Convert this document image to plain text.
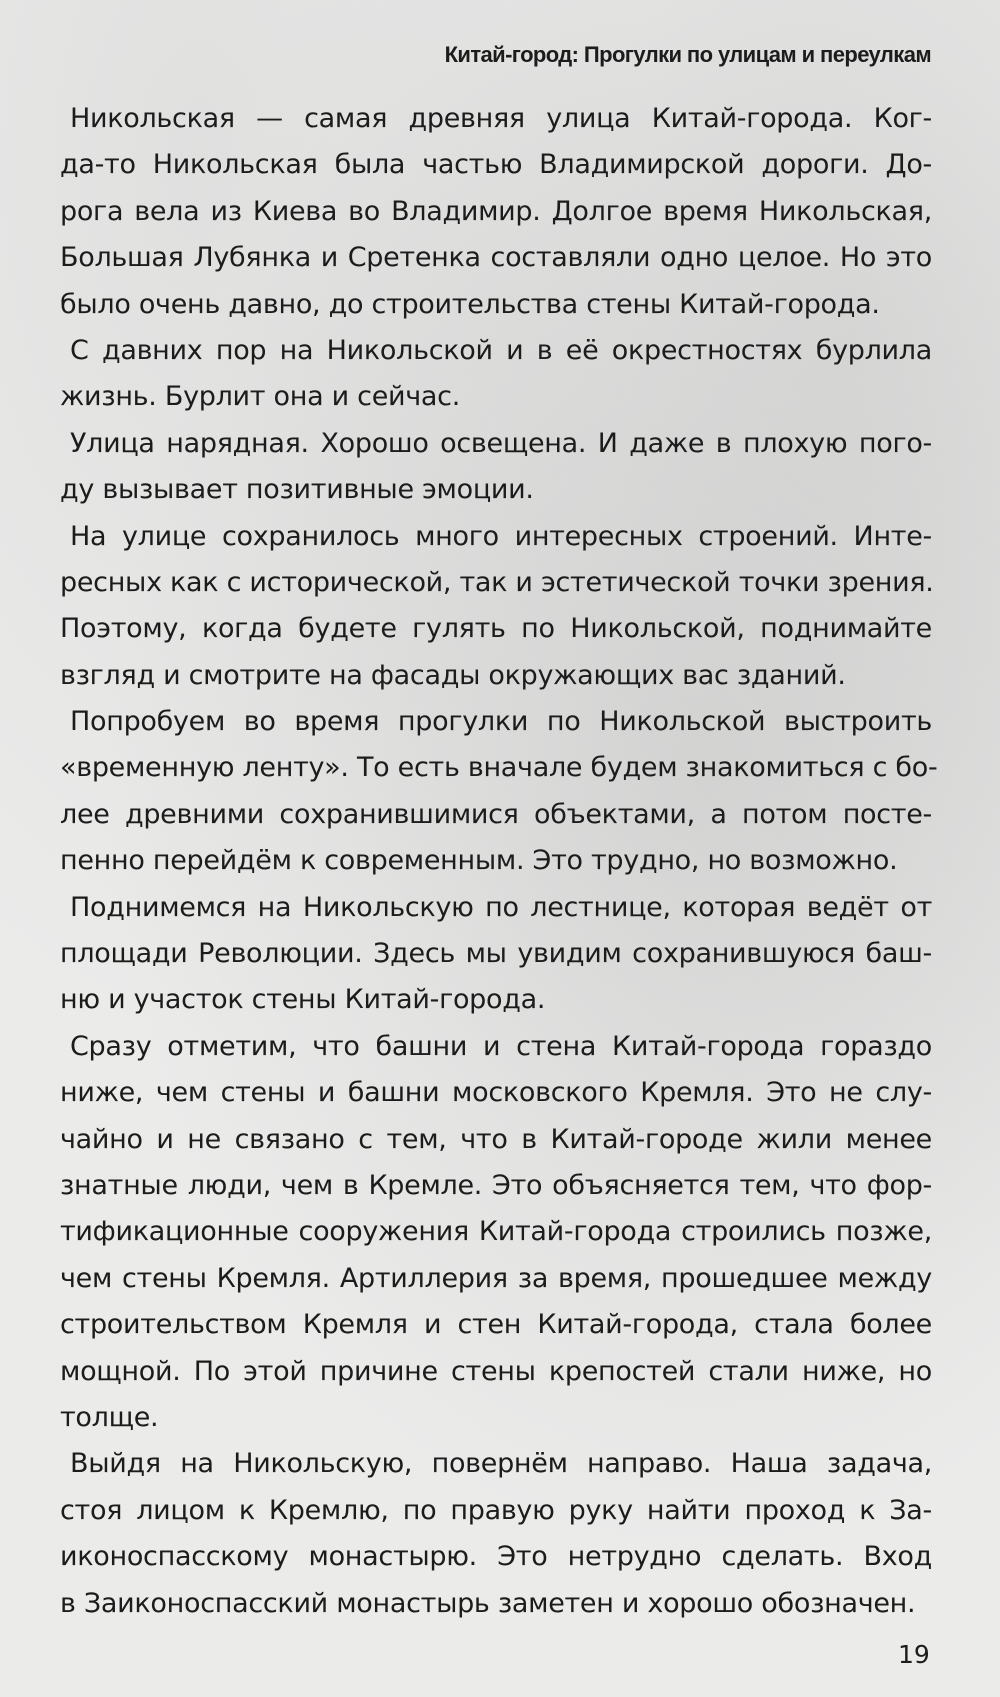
Китай-город: Прогулки по улицам и переулкам
Никольская — самая древняя улица Китай-города. Ког-
да-то Никольская была частью Владимирской дороги. До-
рога вела из Киева во Владимир. Долгое время Никольская,
Большая Лубянка и Сретенка составляли одно целое. Но это
было очень давно, до строительства стены Китай-города.
С давних пор на Никольской и в её окрестностях бурлила
жизнь. Бурлит она и сейчас.
Улица нарядная. Хорошо освещена. И даже в плохую пого-
ду вызывает позитивные эмоции.
На улице сохранилось много интересных строений. Инте-
ресных как с исторической, так и эстетической точки зрения.
Поэтому, когда будете гулять по Никольской, поднимайте
взгляд и смотрите на фасады окружающих вас зданий.
Попробуем во время прогулки по Никольской выстроить
«временную ленту». То есть вначале будем знакомиться с бо-
лее древними сохранившимися объектами, а потом посте-
пенно перейдём к современным. Это трудно, но возможно.
Поднимемся на Никольскую по лестнице, которая ведёт от
площади Революции. Здесь мы увидим сохранившуюся баш-
ню и участок стены Китай-города.
Сразу отметим, что башни и стена Китай-города гораздо
ниже, чем стены и башни московского Кремля. Это не слу-
чайно и не связано с тем, что в Китай-городе жили менее
знатные люди, чем в Кремле. Это объясняется тем, что фор-
тификационные сооружения Китай-города строились позже,
чем стены Кремля. Артиллерия за время, прошедшее между
строительством Кремля и стен Китай-города, стала более
мощной. По этой причине стены крепостей стали ниже, но
толще.
Выйдя на Никольскую, повернём направо. Наша задача,
стоя лицом к Кремлю, по правую руку найти проход к За-
иконоспасскому монастырю. Это нетрудно сделать. Вход
в Заиконоспасский монастырь заметен и хорошо обозначен.
19
